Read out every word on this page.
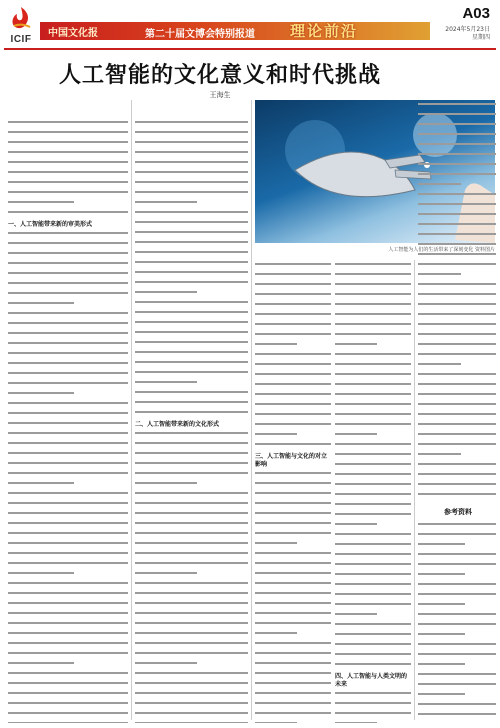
ICIF
中国文化报	第二十届文博会特别报道 理论前沿
A03
2024年5月23日
星期四
人工智能的文化意义和时代挑战
王海生
人工智能为人们的生活带来了深刻变化 资料图片
一、人工智能带来新的审美形式
二、人工智能带来新的文化形式
三、人工智能与文化的对立影响
四、人工智能与人类文明的未来
参考资料
